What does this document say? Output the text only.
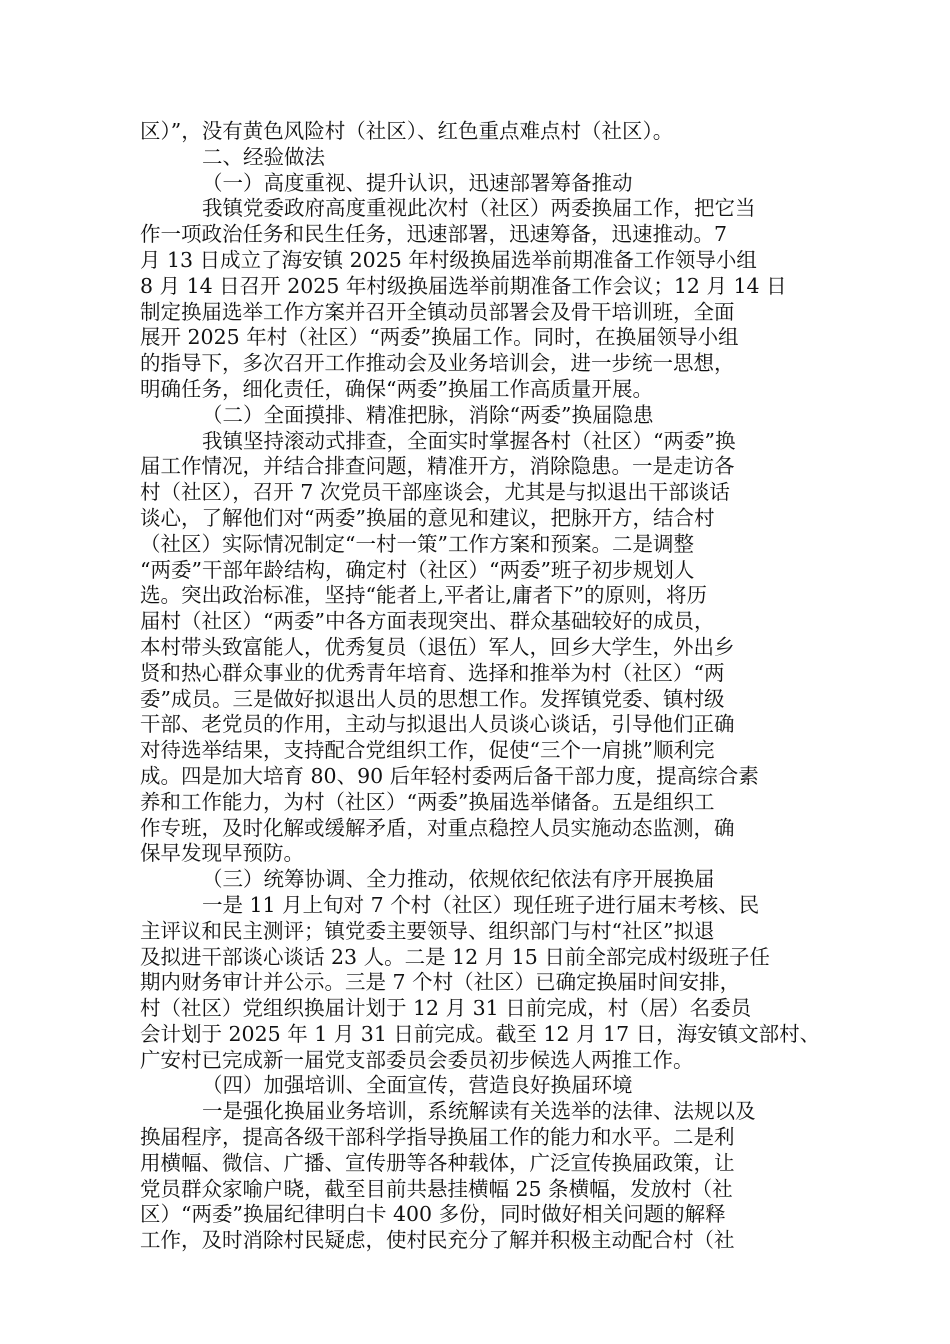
区）”，没有黄色风险村（社区）、红色重点难点村（社区）。
二、经验做法
（一）高度重视、提升认识，迅速部署筹备推动
我镇党委政府高度重视此次村（社区）两委换届工作，把它当
作一项政治任务和民生任务，迅速部署，迅速筹备，迅速推动。7
月 13 日成立了海安镇 2025 年村级换届选举前期准备工作领导小组
8 月 14 日召开 2025 年村级换届选举前期准备工作会议；12 月 14 日
制定换届选举工作方案并召开全镇动员部署会及骨干培训班，全面
展开 2025 年村（社区）“两委”换届工作。同时，在换届领导小组
的指导下，多次召开工作推动会及业务培训会，进一步统一思想，
明确任务，细化责任，确保“两委”换届工作高质量开展。
（二）全面摸排、精准把脉，消除“两委”换届隐患
我镇坚持滚动式排查，全面实时掌握各村（社区）“两委”换
届工作情况，并结合排查问题，精准开方，消除隐患。一是走访各
村（社区），召开 7 次党员干部座谈会，尤其是与拟退出干部谈话
谈心，了解他们对“两委”换届的意见和建议，把脉开方，结合村
（社区）实际情况制定“一村一策”工作方案和预案。二是调整
“两委”干部年龄结构，确定村（社区）“两委”班子初步规划人
选。突出政治标准，坚持“能者上,平者让,庸者下”的原则，将历
届村（社区）“两委”中各方面表现突出、群众基础较好的成员，
本村带头致富能人，优秀复员（退伍）军人，回乡大学生，外出乡
贤和热心群众事业的优秀青年培育、选择和推举为村（社区）“两
委”成员。三是做好拟退出人员的思想工作。发挥镇党委、镇村级
干部、老党员的作用，主动与拟退出人员谈心谈话，引导他们正确
对待选举结果，支持配合党组织工作，促使“三个一肩挑”顺利完
成。四是加大培育 80、90 后年轻村委两后备干部力度，提高综合素
养和工作能力，为村（社区）“两委”换届选举储备。五是组织工
作专班，及时化解或缓解矛盾，对重点稳控人员实施动态监测，确
保早发现早预防。
（三）统筹协调、全力推动，依规依纪依法有序开展换届
一是 11 月上旬对 7 个村（社区）现任班子进行届末考核、民
主评议和民主测评；镇党委主要领导、组织部门与村“社区”拟退
及拟进干部谈心谈话 23 人。二是 12 月 15 日前全部完成村级班子任
期内财务审计并公示。三是 7 个村（社区）已确定换届时间安排，
村（社区）党组织换届计划于 12 月 31 日前完成，村（居）名委员
会计划于 2025 年 1 月 31 日前完成。截至 12 月 17 日，海安镇文部村、
广安村已完成新一届党支部委员会委员初步候选人两推工作。
（四）加强培训、全面宣传，营造良好换届环境
一是强化换届业务培训，系统解读有关选举的法律、法规以及
换届程序，提高各级干部科学指导换届工作的能力和水平。二是利
用横幅、微信、广播、宣传册等各种载体，广泛宣传换届政策，让
党员群众家喻户晓，截至目前共悬挂横幅 25 条横幅，发放村（社
区）“两委”换届纪律明白卡 400 多份，同时做好相关问题的解释
工作，及时消除村民疑虑，使村民充分了解并积极主动配合村（社
